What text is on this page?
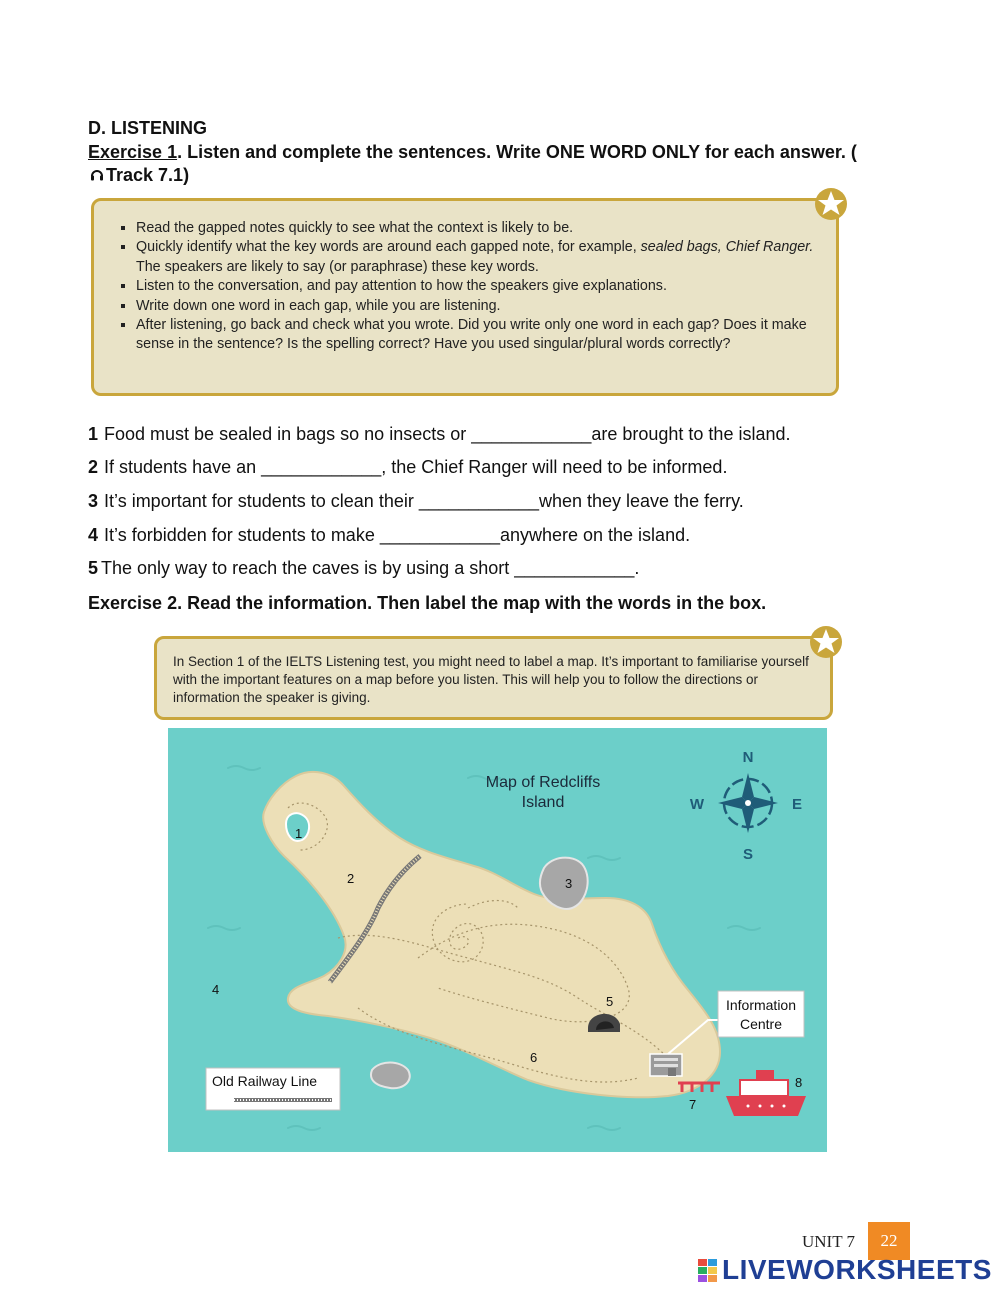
D. LISTENING
Exercise 1. Listen and complete the sentences. Write ONE WORD ONLY for each answer. (Track 7.1)
▪ Read the gapped notes quickly to see what the context is likely to be.
▪ Quickly identify what the key words are around each gapped note, for example, sealed bags, Chief Ranger. The speakers are likely to say (or paraphrase) these key words.
▪ Listen to the conversation, and pay attention to how the speakers give explanations.
▪ Write down one word in each gap, while you are listening.
▪ After listening, go back and check what you wrote. Did you write only one word in each gap? Does it make sense in the sentence? Is the spelling correct? Have you used singular/plural words correctly?
1 Food must be sealed in bags so no insects or ____________are brought to the island.
2 If students have an ____________, the Chief Ranger will need to be informed.
3 It’s important for students to clean their ____________when they leave the ferry.
4 It’s forbidden for students to make ____________anywhere on the island.
5 The only way to reach the caves is by using a short ____________.
Exercise 2. Read the information. Then label the map with the words in the box.
In Section 1 of the IELTS Listening test, you might need to label a map. It’s important to familiarise yourself with the important features on a map before you listen. This will help you to follow the directions or information the speaker is giving.
1
2	3
4
5
6
7
8
Map of Redcliffs
Island
N
S
W	E
Information
Centre
Old Railway Line
UNIT 7	22
LIVEWORKSHEETS
